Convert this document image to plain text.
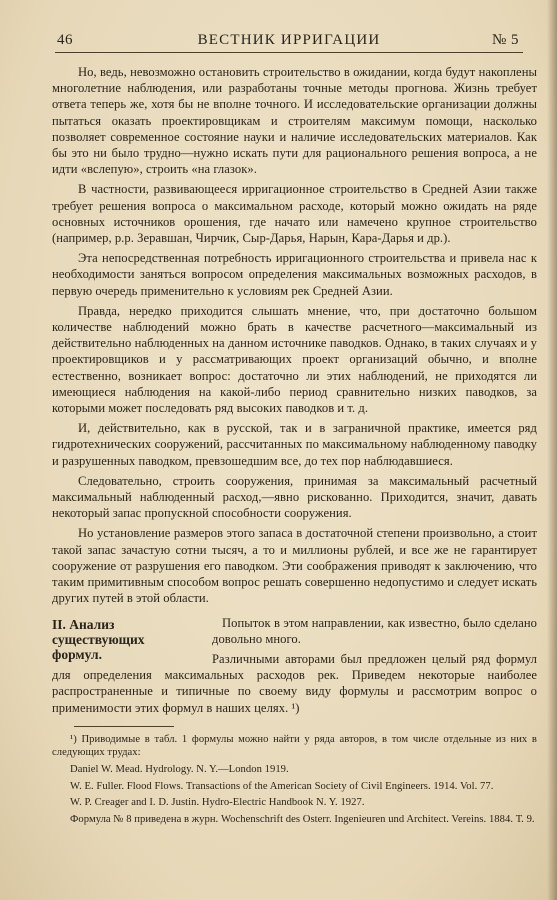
ВЕСТНИК ИРРИГАЦИИ
46	№ 5

Но, ведь, невозможно остановить строительство в ожидании, когда будут накоплены многолетние наблюдения, или разработаны точные методы прогнова. Жизнь требует ответа теперь же, хотя бы не вполне точного. И исследовательские организации должны пытаться оказать проектировщикам и строителям максимум помощи, насколько позволяет современное состояние науки и наличие исследовательских материалов. Как бы это ни было трудно—нужно искать пути для рационального решения вопроса, а не идти «вслепую», строить «на глазок».

В частности, развивающееся ирригационное строительство в Средней Азии также требует решения вопроса о максимальном расходе, который можно ожидать на ряде основных источников орошения, где начато или намечено крупное строительство (например, р.р. Зеравшан, Чирчик, Сыр-Дарья, Нарын, Кара-Дарья и др.).

Эта непосредственная потребность ирригационного строительства и привела нас к необходимости заняться вопросом определения максимальных возможных расходов, в первую очередь применительно к условиям рек Средней Азии.

Правда, нередко приходится слышать мнение, что, при достаточно большом количестве наблюдений можно брать в качестве расчетного—максимальный из действительно наблюденных на данном источнике паводков. Однако, в таких случаях и у проектировщиков и у рассматривающих проект организаций обычно, и вполне естественно, возникает вопрос: достаточно ли этих наблюдений, не приходятся ли имеющиеся наблюдения на какой-либо период сравнительно низких паводков, за которыми может последовать ряд высоких паводков и т. д.

И, действительно, как в русской, так и в заграничной практике, имеется ряд гидротехнических сооружений, рассчитанных по максимальному наблюденному паводку и разрушенных паводком, превзошедшим все, до тех пор наблюдавшиеся.

Следовательно, строить сооружения, принимая за максимальный расчетный максимальный наблюденный расход,—явно рискованно. Приходится, значит, давать некоторый запас пропускной способности сооружения.

Но установление размеров этого запаса в достаточной степени произвольно, а стоит такой запас зачастую сотни тысяч, а то и миллионы рублей, и все же не гарантирует сооружение от разрушения его паводком. Эти соображения приводят к заключению, что таким примитивным способом вопрос решать совершенно недопустимо и следует искать других путей в этой области.

II. Анализ существующих формул.

Попыток в этом направлении, как известно, было сделано довольно много.

Различными авторами был предложен целый ряд формул для определения максимальных расходов рек. Приведем некоторые наиболее распространенные и типичные по своему виду формулы и рассмотрим вопрос о применимости этих формул в наших целях. ¹)

¹) Приводимые в табл. 1 формулы можно найти у ряда авторов, в том числе отдельные из них в следующих трудах:

Daniel W. Mead. Hydrology. N. Y.—London 1919.

W. E. Fuller. Flood Flows. Transactions of the American Society of Civil Engineers. 1914. Vol. 77.

W. P. Creager and I. D. Justin. Hydro-Electric Handbook N. Y. 1927.

Формула № 8 приведена в журн. Wochenschrift des Osterr. Ingenieuren und Architect. Vereins. 1884. Т. 9.
